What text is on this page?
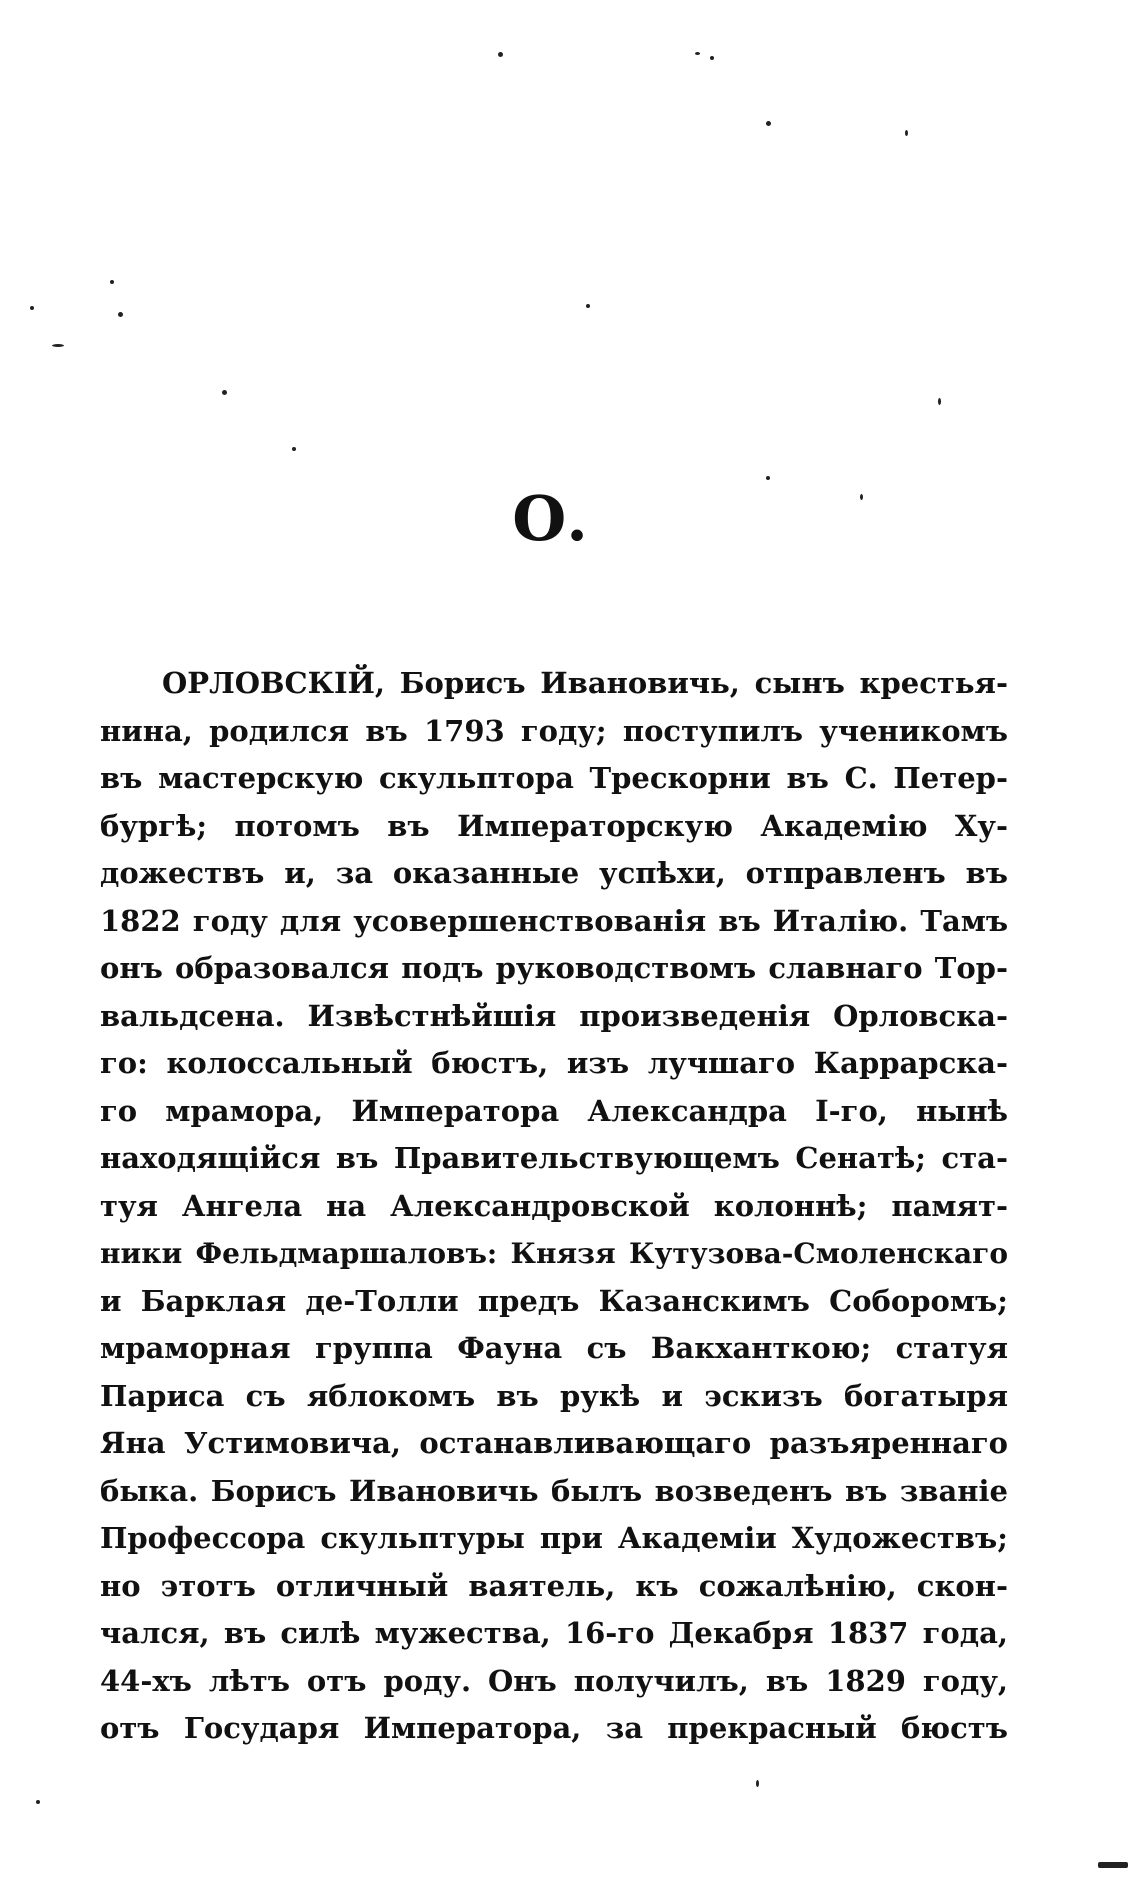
О.
ОРЛОВСКІЙ, Борисъ Ивановичь, сынъ крестья-
нина, родился въ 1793 году; поступилъ ученикомъ
въ мастерскую скульптора Трескорни въ С. Петер-
бургѣ; потомъ въ Императорскую Академію Ху-
дожествъ и, за оказанные успѣхи, отправленъ въ
1822 году для усовершенствованія въ Италію. Тамъ
онъ образовался подъ руководствомъ славнаго Тор-
вальдсена. Извѣстнѣйшія произведенія Орловска-
го: колоссальный бюстъ, изъ лучшаго Каррарска-
го мрамора, Императора Александра І-го, нынѣ
находящійся въ Правительствующемъ Сенатѣ; ста-
туя Ангела на Александровской колоннѣ; памят-
ники Фельдмаршаловъ: Князя Кутузова-Смоленскаго
и Барклая де-Толли предъ Казанскимъ Соборомъ;
мраморная группа Фауна съ Вакханткою; статуя
Париса съ яблокомъ въ рукѣ и эскизъ богатыря
Яна Устимовича, останавливающаго разъяреннаго
быка. Борисъ Ивановичь былъ возведенъ въ званіе
Профессора скульптуры при Академіи Художествъ;
но этотъ отличный ваятель, къ сожалѣнію, скон-
чался, въ силѣ мужества, 16-го Декабря 1837 года,
44-хъ лѣтъ отъ роду. Онъ получилъ, въ 1829 году,
отъ Государя Императора, за прекрасный бюстъ
